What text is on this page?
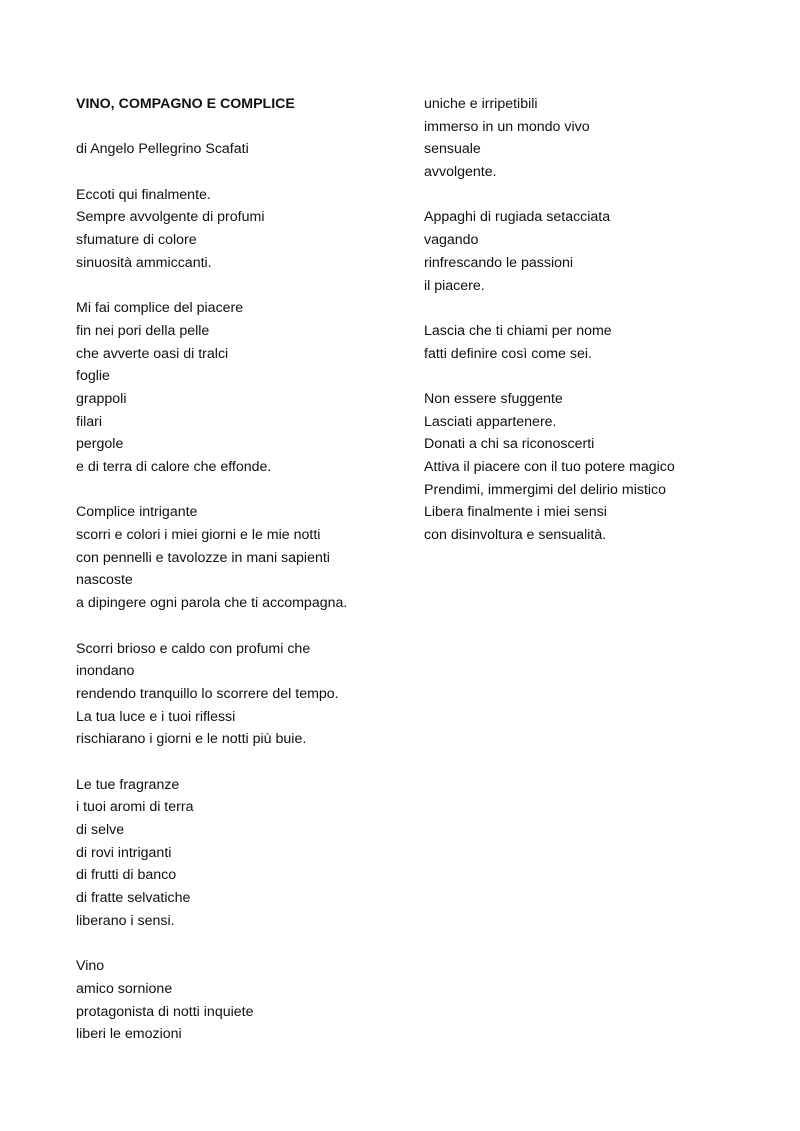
VINO, COMPAGNO E COMPLICE
di Angelo Pellegrino Scafati
Eccoti qui finalmente.
Sempre avvolgente di profumi
sfumature di colore
sinuosità ammiccanti.
Mi fai complice del piacere
fin nei pori della pelle
che avverte oasi di tralci
foglie
grappoli
filari
pergole
e di terra di calore che effonde.
Complice intrigante
scorri e colori i miei giorni e le mie notti
con pennelli e tavolozze in mani sapienti
nascoste
a dipingere ogni parola che ti accompagna.
Scorri brioso e caldo con profumi che
inondano
rendendo tranquillo lo scorrere del tempo.
La tua luce e i tuoi riflessi
rischiarano i giorni e le notti più buie.
Le tue fragranze
i tuoi aromi di terra
di selve
di rovi intriganti
di frutti di banco
di fratte selvatiche
liberano i sensi.
Vino
amico sornione
protagonista di notti inquiete
liberi le emozioni
uniche e irripetibili
immerso in un mondo vivo
sensuale
avvolgente.
Appaghi di rugiada setacciata
vagando
rinfrescando le passioni
il piacere.
Lascia che ti chiami per nome
fatti definire così come sei.
Non essere sfuggente
Lasciati appartenere.
Donati a chi sa riconoscerti
Attiva il piacere con il tuo potere magico
Prendimi, immergimi del delirio mistico
Libera finalmente i miei sensi
con disinvoltura e sensualità.
